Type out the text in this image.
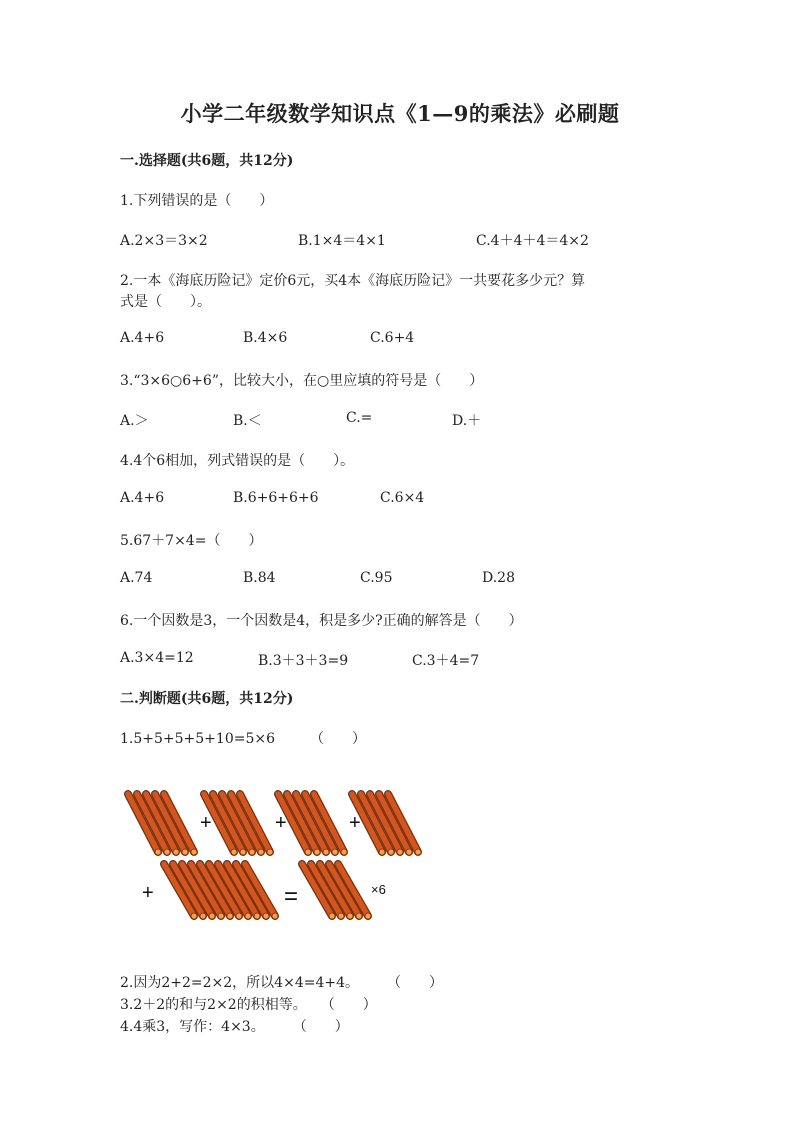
小学二年级数学知识点《1—9的乘法》必刷题
一.选择题(共6题，共12分)
1.下列错误的是（　　）
A.2×3＝3×2	B.1×4＝4×1	C.4＋4＋4＝4×2
2.一本《海底历险记》定价6元，买4本《海底历险记》一共要花多少元？算
式是（　　）。
A.4+6	B.4×6	C.6+4
3.“3×6○6+6”，比较大小，在○里应填的符号是（　　）
A.＞	B.＜	C.=	D.＋
4.4个6相加，列式错误的是（　　）。
A.4+6	B.6+6+6+6	C.6×4
5.67＋7×4=（　　）
A.74	B.84	C.95	D.28
6.一个因数是3，一个因数是4，积是多少?正确的解答是（　　）
A.3×4=12	B.3＋3＋3=9	C.3＋4=7
二.判断题(共6题，共12分)
1.5+5+5+5+10=5×6　　　（　　）
+	+	+
+	=	×6
2.因为2+2=2×2，所以4×4=4+4。　　　（　　）
3.2＋2的和与2×2的积相等。　　（　　）
4.4乘3，写作：4×3。　　　（　　）
